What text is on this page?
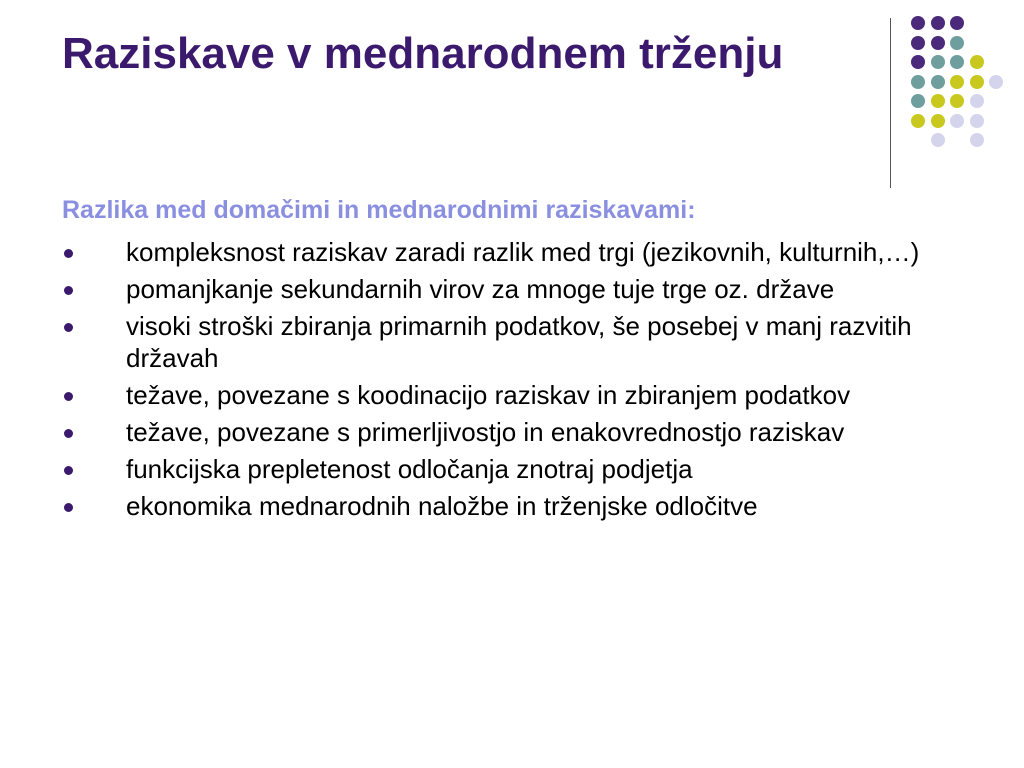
Raziskave v mednarodnem trženju

Razlika med domačimi in mednarodnimi raziskavami:

kompleksnost raziskav zaradi razlik med trgi (jezikovnih, kulturnih,…)
pomanjkanje sekundarnih virov za mnoge tuje trge oz. države
visoki stroški zbiranja primarnih podatkov, še posebej v manj razvitih državah
težave, povezane s koodinacijo raziskav in zbiranjem podatkov
težave, povezane s primerljivostjo in enakovrednostjo raziskav
funkcijska prepletenost odločanja znotraj podjetja
ekonomika mednarodnih naložbe in trženjske odločitve
